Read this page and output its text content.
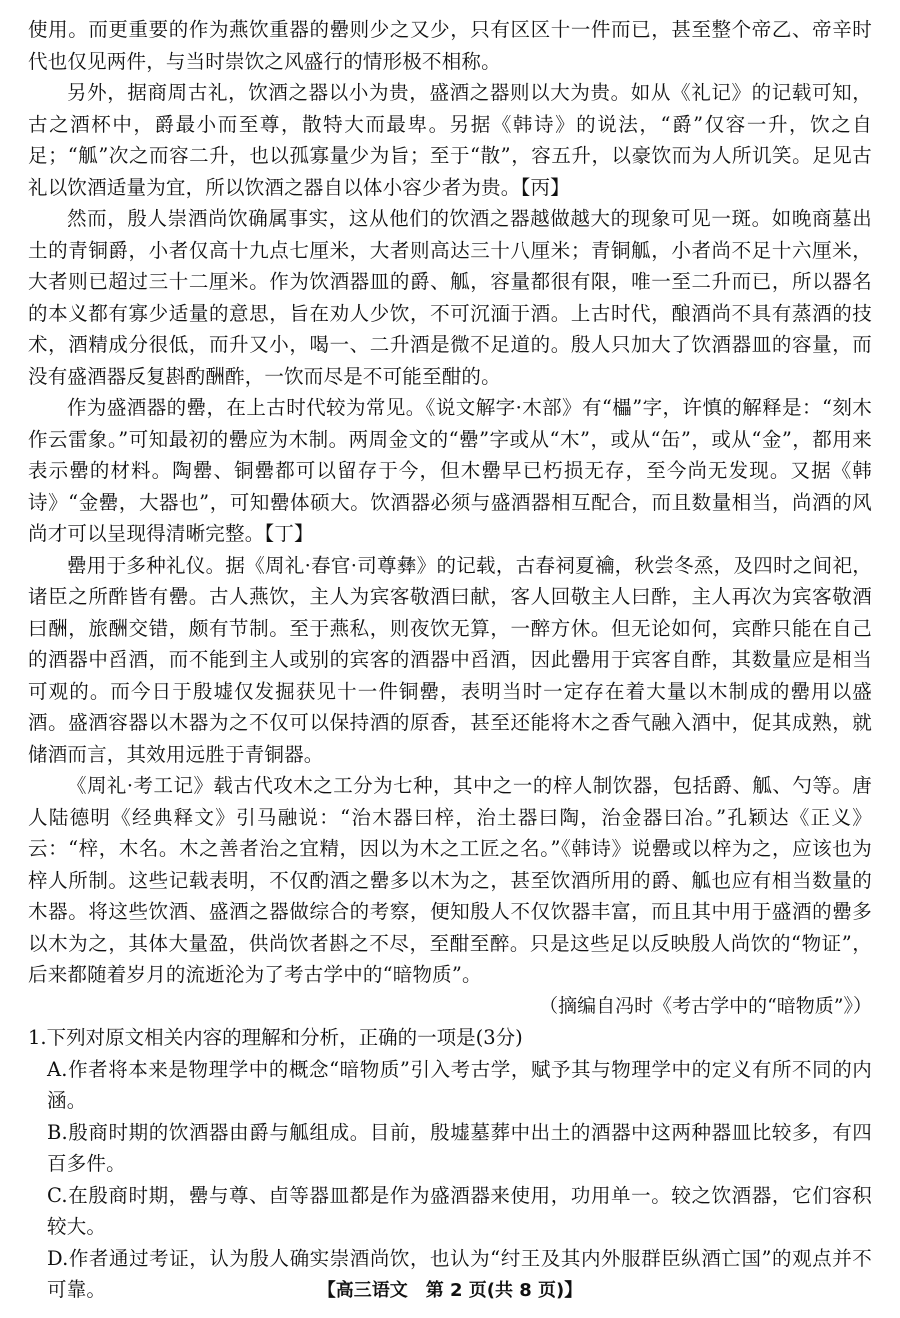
使用。而更重要的作为燕饮重器的罍则少之又少，只有区区十一件而已，甚至整个帝乙、帝辛时代也仅见两件，与当时崇饮之风盛行的情形极不相称。

另外，据商周古礼，饮酒之器以小为贵，盛酒之器则以大为贵。如从《礼记》的记载可知，古之酒杯中，爵最小而至尊，散特大而最卑。另据《韩诗》的说法，“爵”仅容一升，饮之自足；“觚”次之而容二升，也以孤寡量少为旨；至于“散”，容五升，以豪饮而为人所讥笑。足见古礼以饮酒适量为宜，所以饮酒之器自以体小容少者为贵。【丙】

然而，殷人崇酒尚饮确属事实，这从他们的饮酒之器越做越大的现象可见一斑。如晚商墓出土的青铜爵，小者仅高十九点七厘米，大者则高达三十八厘米；青铜觚，小者尚不足十六厘米，大者则已超过三十二厘米。作为饮酒器皿的爵、觚，容量都很有限，唯一至二升而已，所以器名的本义都有寡少适量的意思，旨在劝人少饮，不可沉湎于酒。上古时代，酿酒尚不具有蒸酒的技术，酒精成分很低，而升又小，喝一、二升酒是微不足道的。殷人只加大了饮酒器皿的容量，而没有盛酒器反复斟酌酬酢，一饮而尽是不可能至酣的。

作为盛酒器的罍，在上古时代较为常见。《说文解字·木部》有“櫑”字，许慎的解释是：“刻木作云雷象。”可知最初的罍应为木制。两周金文的“罍”字或从“木”，或从“缶”，或从“金”，都用来表示罍的材料。陶罍、铜罍都可以留存于今，但木罍早已朽损无存，至今尚无发现。又据《韩诗》“金罍，大器也”，可知罍体硕大。饮酒器必须与盛酒器相互配合，而且数量相当，尚酒的风尚才可以呈现得清晰完整。【丁】

罍用于多种礼仪。据《周礼·春官·司尊彝》的记载，古春祠夏禴，秋尝冬烝，及四时之间祀，诸臣之所酢皆有罍。古人燕饮，主人为宾客敬酒曰献，客人回敬主人曰酢，主人再次为宾客敬酒曰酬，旅酬交错，颇有节制。至于燕私，则夜饮无算，一醉方休。但无论如何，宾酢只能在自己的酒器中舀酒，而不能到主人或别的宾客的酒器中舀酒，因此罍用于宾客自酢，其数量应是相当可观的。而今日于殷墟仅发掘获见十一件铜罍，表明当时一定存在着大量以木制成的罍用以盛酒。盛酒容器以木器为之不仅可以保持酒的原香，甚至还能将木之香气融入酒中，促其成熟，就储酒而言，其效用远胜于青铜器。

《周礼·考工记》载古代攻木之工分为七种，其中之一的梓人制饮器，包括爵、觚、勺等。唐人陆德明《经典释文》引马融说：“治木器曰梓，治土器曰陶，治金器曰冶。”孔颖达《正义》云：“梓，木名。木之善者治之宜精，因以为木之工匠之名。”《韩诗》说罍或以梓为之，应该也为梓人所制。这些记载表明，不仅酌酒之罍多以木为之，甚至饮酒所用的爵、觚也应有相当数量的木器。将这些饮酒、盛酒之器做综合的考察，便知殷人不仅饮器丰富，而且其中用于盛酒的罍多以木为之，其体大量盈，供尚饮者斟之不尽，至酣至醉。只是这些足以反映殷人尚饮的“物证”，后来都随着岁月的流逝沦为了考古学中的“暗物质”。

（摘编自冯时《考古学中的“暗物质”》）

1.下列对原文相关内容的理解和分析，正确的一项是(3分)

A.作者将本来是物理学中的概念“暗物质”引入考古学，赋予其与物理学中的定义有所不同的内涵。

B.殷商时期的饮酒器由爵与觚组成。目前，殷墟墓葬中出土的酒器中这两种器皿比较多，有四百多件。

C.在殷商时期，罍与尊、卣等器皿都是作为盛酒器来使用，功用单一。较之饮酒器，它们容积较大。

D.作者通过考证，认为殷人确实崇酒尚饮，也认为“纣王及其内外服群臣纵酒亡国”的观点并不可靠。	【高三语文　第 2 页(共 8 页)】
